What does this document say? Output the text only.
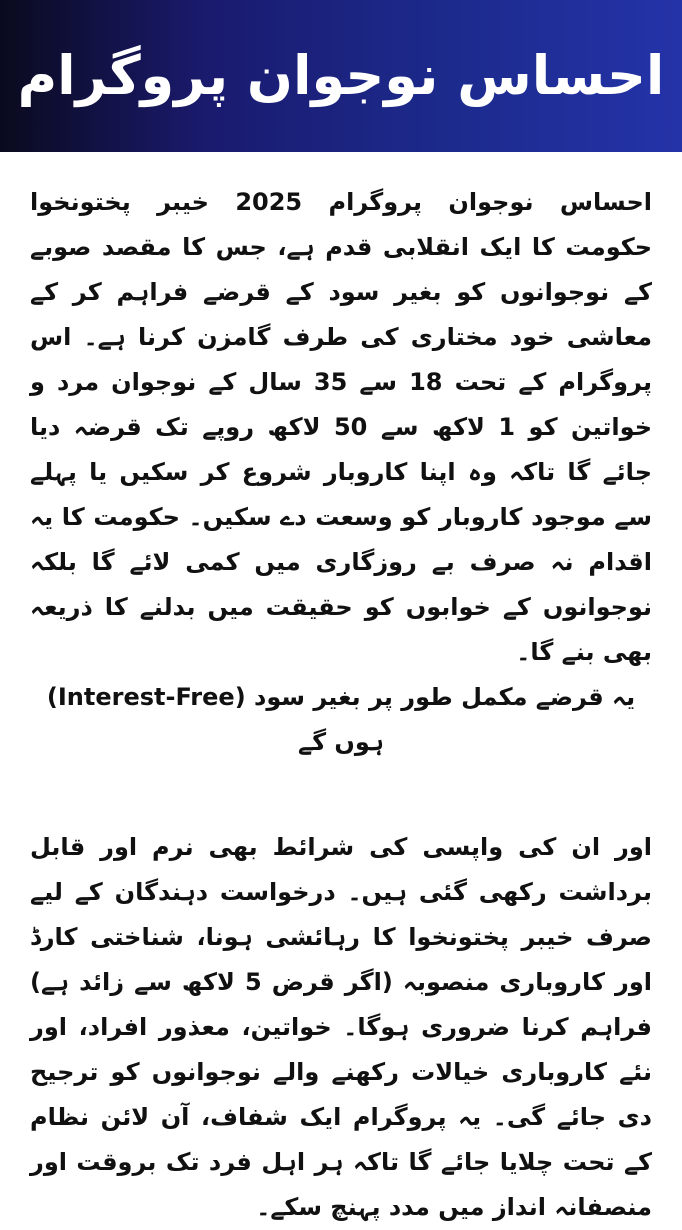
احساس نوجوان پروگرام

احساس نوجوان پروگرام 2025 خیبر پختونخوا حکومت کا ایک انقلابی قدم ہے، جس کا مقصد صوبے کے نوجوانوں کو بغیر سود کے قرضے فراہم کر کے معاشی خود مختاری کی طرف گامزن کرنا ہے۔ اس پروگرام کے تحت 18 سے 35 سال کے نوجوان مرد و خواتین کو 1 لاکھ سے 50 لاکھ روپے تک قرضہ دیا جائے گا تاکہ وہ اپنا کاروبار شروع کر سکیں یا پہلے سے موجود کاروبار کو وسعت دے سکیں۔ حکومت کا یہ اقدام نہ صرف بے روزگاری میں کمی لائے گا بلکہ نوجوانوں کے خوابوں کو حقیقت میں بدلنے کا ذریعہ بھی بنے گا۔

یہ قرضے مکمل طور پر بغیر سود (Interest-Free) ہوں گے

اور ان کی واپسی کی شرائط بھی نرم اور قابل برداشت رکھی گئی ہیں۔ درخواست دہندگان کے لیے صرف خیبر پختونخوا کا رہائشی ہونا، شناختی کارڈ اور کاروباری منصوبہ (اگر قرض 5 لاکھ سے زائد ہے) فراہم کرنا ضروری ہوگا۔ خواتین، معذور افراد، اور نئے کاروباری خیالات رکھنے والے نوجوانوں کو ترجیح دی جائے گی۔ یہ پروگرام ایک شفاف، آن لائن نظام کے تحت چلایا جائے گا تاکہ ہر اہل فرد تک بروقت اور منصفانہ انداز میں مدد پہنچ سکے۔
